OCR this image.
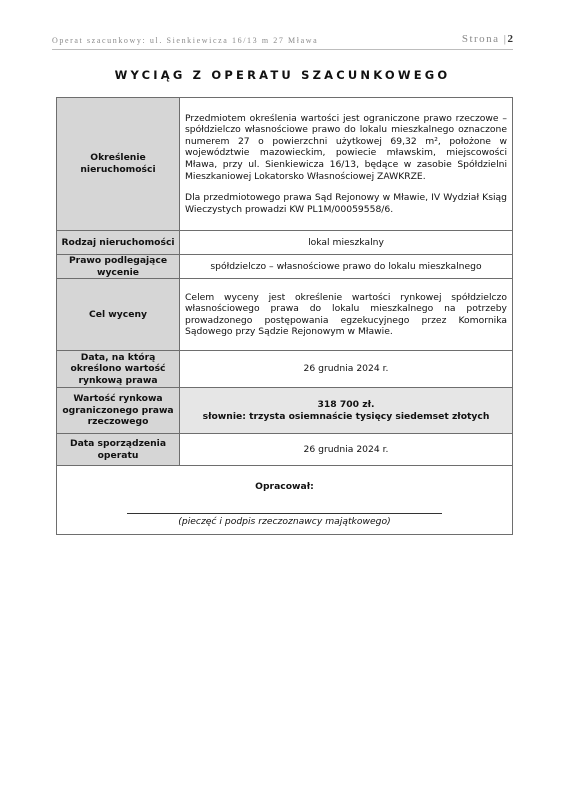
Operat szacunkowy: ul. Sienkiewicza 16/13 m 27 Mława	Strona |2
WYCIĄG Z OPERATU SZACUNKOWEGO
Określenie nieruchomości	Przedmiotem określenia wartości jest ograniczone prawo rzeczowe – spółdzielczo własnościowe prawo do lokalu mieszkalnego oznaczone numerem 27 o powierzchni użytkowej 69,32 m², położone w województwie mazowieckim, powiecie mławskim, miejscowości Mława, przy ul. Sienkiewicza 16/13, będące w zasobie Spółdzielni Mieszkaniowej Lokatorsko Własnościowej ZAWKRZE.

Dla przedmiotowego prawa Sąd Rejonowy w Mławie, IV Wydział Ksiąg Wieczystych prowadzi KW PL1M/00059558/6.

Rodzaj nieruchomości	lokal mieszkalny
Prawo podlegające wycenie	spółdzielczo – własnościowe prawo do lokalu mieszkalnego
Cel wyceny	Celem wyceny jest określenie wartości rynkowej spółdzielczo własnościowego prawa do lokalu mieszkalnego na potrzeby prowadzonego postępowania egzekucyjnego przez Komornika Sądowego przy Sądzie Rejonowym w Mławie.
Data, na którą określono wartość rynkową prawa	26 grudnia 2024 r.
Wartość rynkowa ograniczonego prawa rzeczowego	318 700 zł.
słownie: trzysta osiemnaście tysięcy siedemset złotych

Data sporządzenia operatu	26 grudnia 2024 r.

Opracował:
(pieczęć i podpis rzeczoznawcy majątkowego)	
